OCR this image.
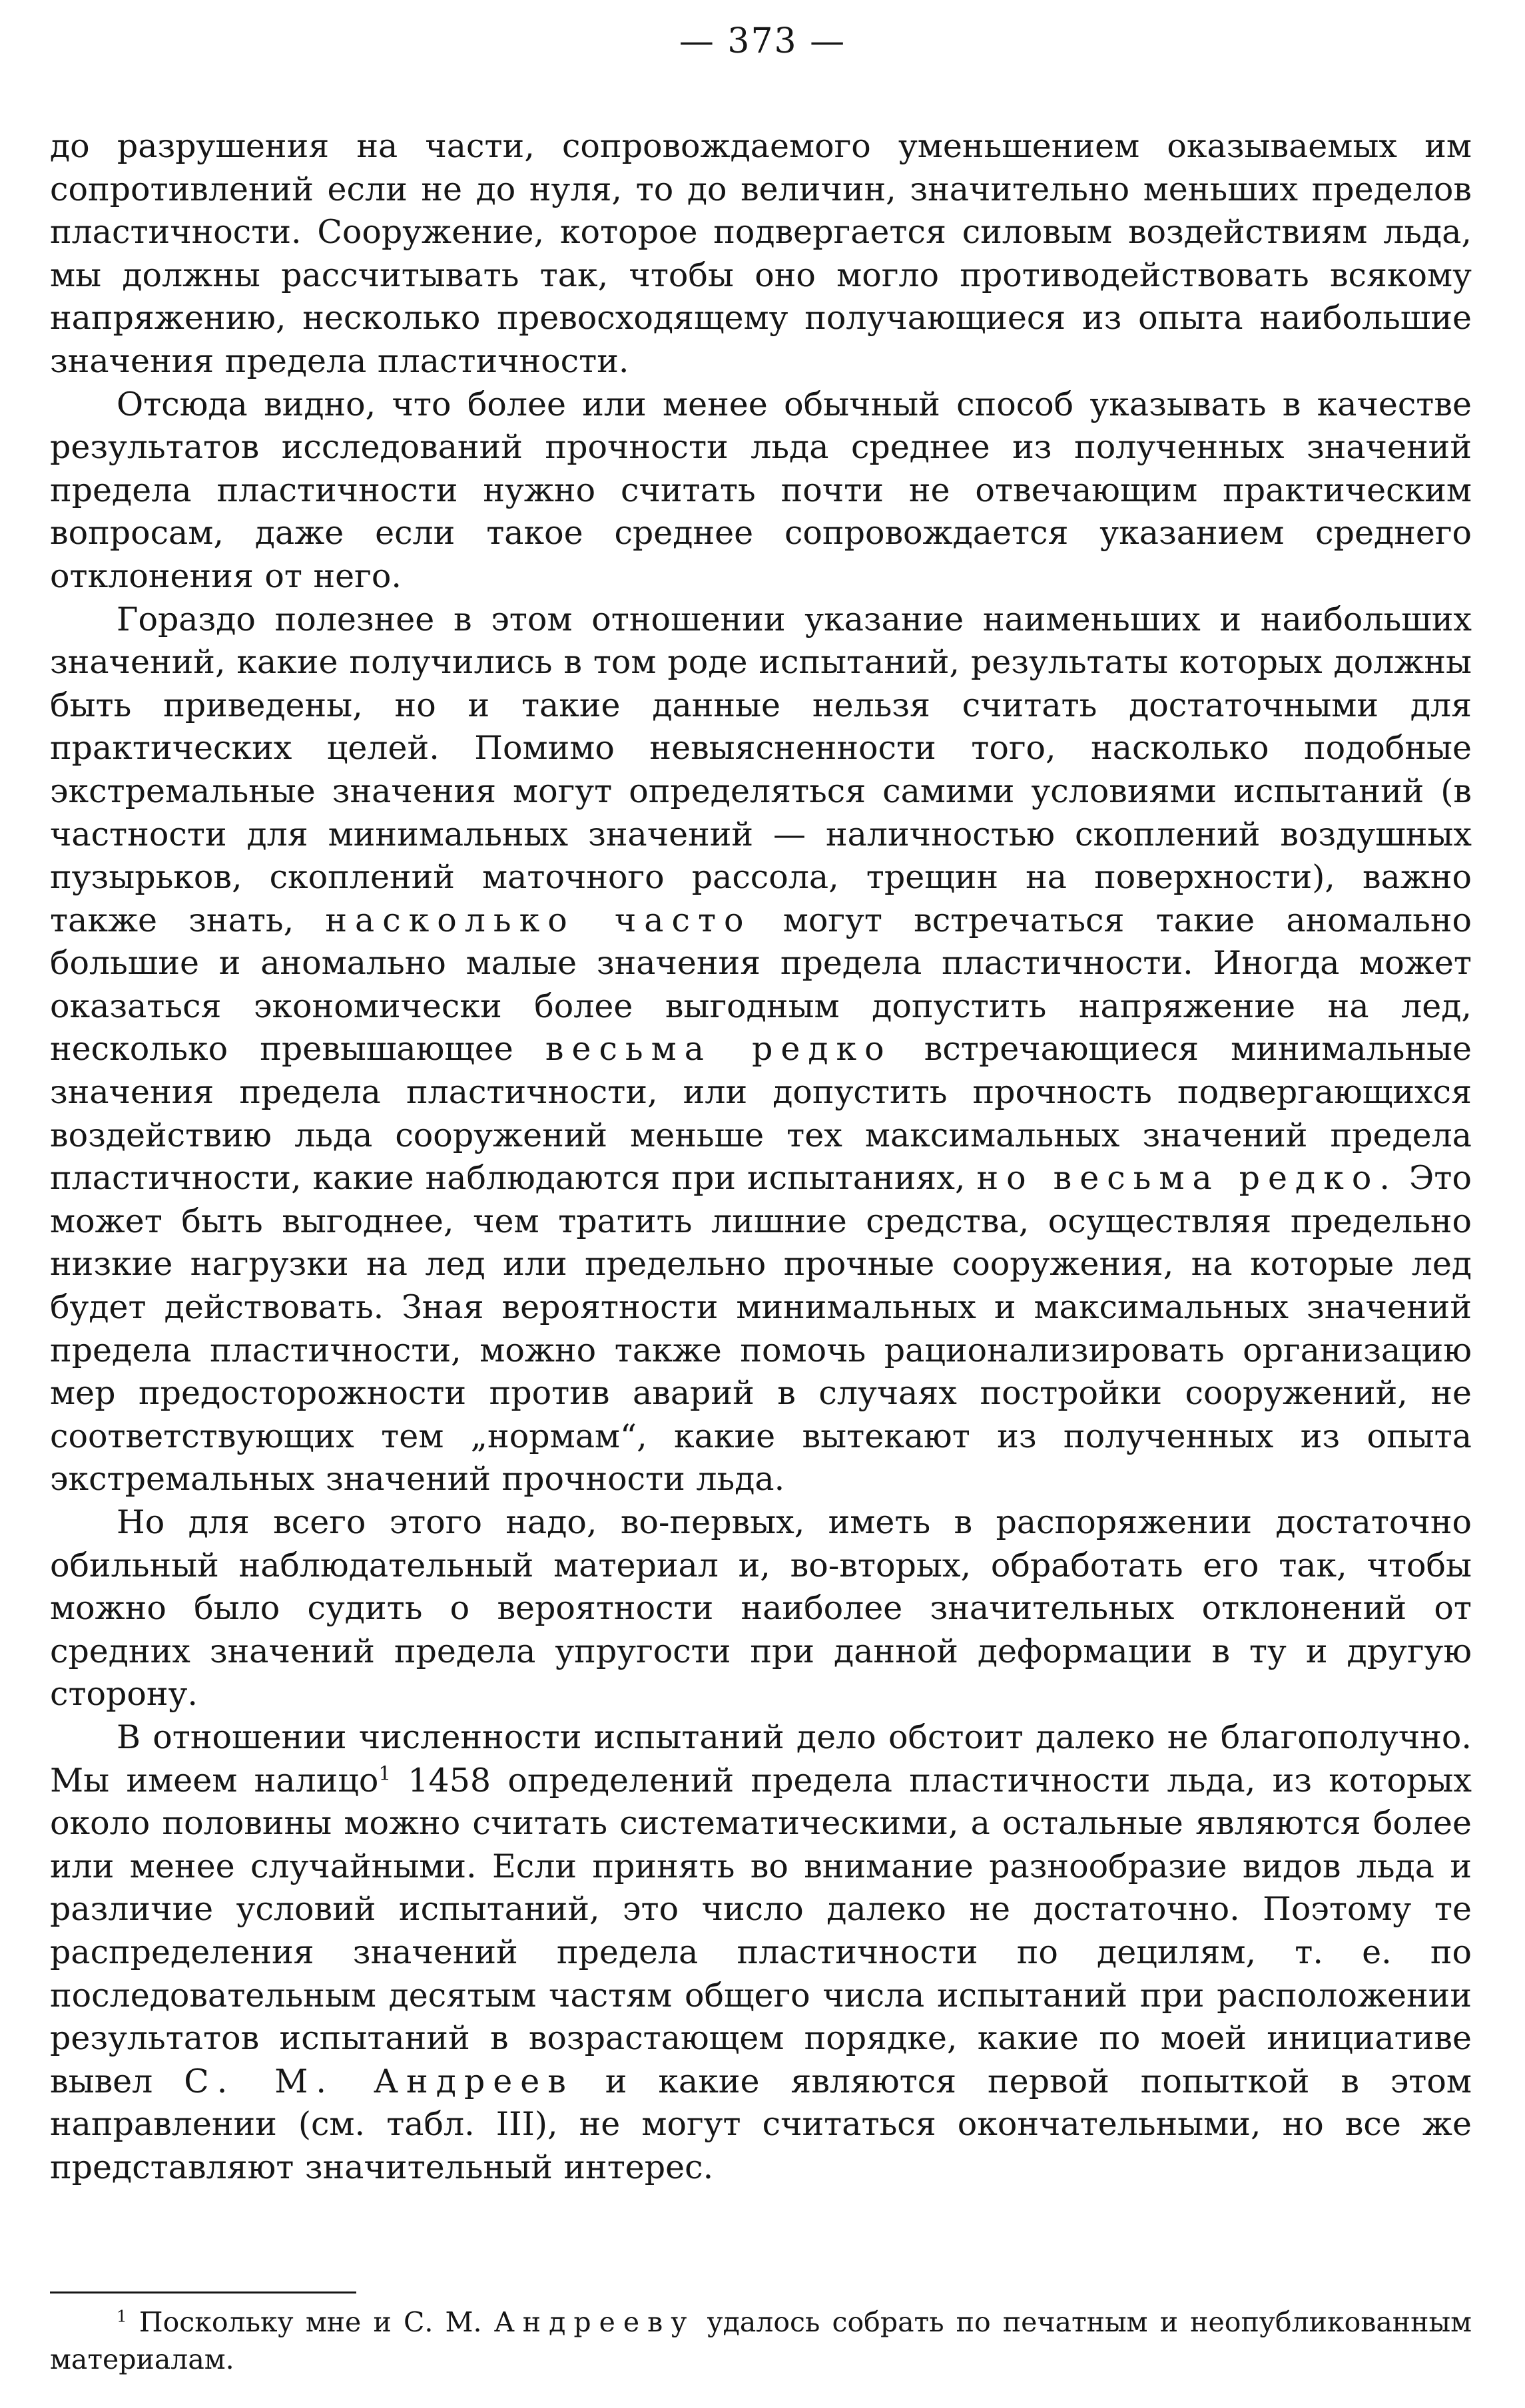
— 373 —

до разрушения на части, сопровождаемого уменьшением оказываемых им сопротивлений если не до нуля, то до величин, значительно меньших пределов пластичности. Сооружение, которое подвергается силовым воздействиям льда, мы должны рассчитывать так, чтобы оно могло противодействовать всякому напряжению, несколько превосходящему получающиеся из опыта наибольшие значения предела пластичности.

Отсюда видно, что более или менее обычный способ указывать в качестве результатов исследований прочности льда среднее из полученных значений предела пластичности нужно считать почти не отвечающим практическим вопросам, даже если такое среднее сопровождается указанием среднего отклонения от него.

Гораздо полезнее в этом отношении указание наименьших и наибольших значений, какие получились в том роде испытаний, результаты которых должны быть приведены, но и такие данные нельзя считать достаточными для практических целей. Помимо невыясненности того, насколько подобные экстремальные значения могут определяться самими условиями испытаний (в частности для минимальных значений — наличностью скоплений воздушных пузырьков, скоплений маточного рассола, трещин на поверхности), важно также знать, насколько часто могут встречаться такие аномально большие и аномально малые значения предела пластичности. Иногда может оказаться экономически более выгодным допустить напряжение на лед, несколько превышающее весьма редко встречающиеся минимальные значения предела пластичности, или допустить прочность подвергающихся воздействию льда сооружений меньше тех максимальных значений предела пластичности, какие наблюдаются при испытаниях, но весьма редко. Это может быть выгоднее, чем тратить лишние средства, осуществляя предельно низкие нагрузки на лед или предельно прочные сооружения, на которые лед будет действовать. Зная вероятности минимальных и максимальных значений предела пластичности, можно также помочь рационализировать организацию мер предосторожности против аварий в случаях постройки сооружений, не соответствующих тем „нормам“, какие вытекают из полученных из опыта экстремальных значений прочности льда.

Но для всего этого надо, во-первых, иметь в распоряжении достаточно обильный наблюдательный материал и, во-вторых, обработать его так, чтобы можно было судить о вероятности наиболее значительных отклонений от средних значений предела упругости при данной деформации в ту и другую сторону.

В отношении численности испытаний дело обстоит далеко не благополучно. Мы имеем налицо$^1$ 1458 определений предела пластичности льда, из которых около половины можно считать систематическими, а остальные являются более или менее случайными. Если принять во внимание разнообразие видов льда и различие условий испытаний, это число далеко не достаточно. Поэтому те распределения значений предела пластичности по децилям, т. е. по последовательным десятым частям общего числа испытаний при расположении результатов испытаний в возрастающем порядке, какие по моей инициативе вывел С. М. Андреев и какие являются первой попыткой в этом направлении (см. табл. III), не могут считаться окончательными, но все же представляют значительный интерес.

$^1$ Поскольку мне и С. М. Андрееву удалось собрать по печатным и неопубликованным материалам.
